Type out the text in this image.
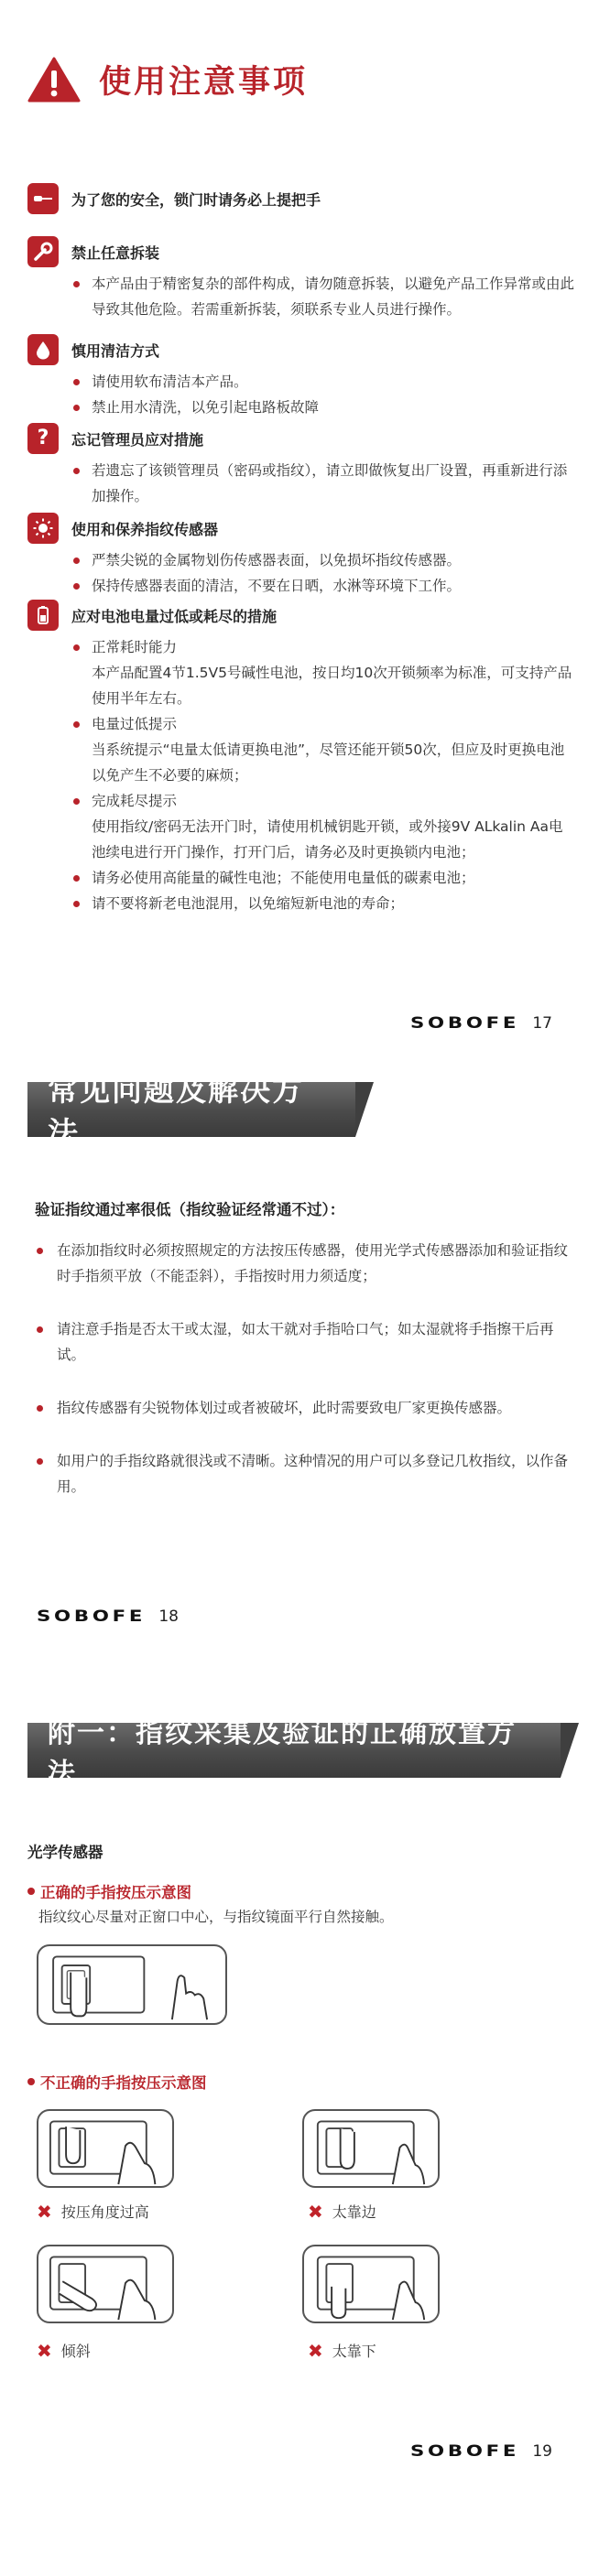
使用注意事项
为了您的安全，锁门时请务必上提把手
禁止任意拆装
本产品由于精密复杂的部件构成，请勿随意拆装，以避免产品工作异常或由此导致其他危险。若需重新拆装，须联系专业人员进行操作。
慎用清洁方式
请使用软布清洁本产品。
禁止用水清洗，以免引起电路板故障
? 忘记管理员应对措施
若遗忘了该锁管理员（密码或指纹），请立即做恢复出厂设置，再重新进行添加操作。
使用和保养指纹传感器
严禁尖锐的金属物划伤传感器表面，以免损坏指纹传感器。
保持传感器表面的清洁，不要在日晒，水淋等环境下工作。
应对电池电量过低或耗尽的措施
正常耗时能力
本产品配置4节1.5V5号碱性电池，按日均10次开锁频率为标准，可支持产品使用半年左右。
电量过低提示
当系统提示“电量太低请更换电池”，尽管还能开锁50次，但应及时更换电池以免产生不必要的麻烦；
完成耗尽提示
使用指纹/密码无法开门时，请使用机械钥匙开锁，或外接9V ALkalin Aa电池续电进行开门操作，打开门后，请务必及时更换锁内电池；
请务必使用高能量的碱性电池；不能使用电量低的碳素电池；
请不要将新老电池混用，以免缩短新电池的寿命；
SOBOFE 17
常见问题及解决方法
验证指纹通过率很低（指纹验证经常通不过）：
在添加指纹时必须按照规定的方法按压传感器，使用光学式传感器添加和验证指纹时手指须平放（不能歪斜），手指按时用力须适度；
请注意手指是否太干或太湿，如太干就对手指哈口气；如太湿就将手指擦干后再试。
指纹传感器有尖锐物体划过或者被破坏，此时需要致电厂家更换传感器。
如用户的手指纹路就很浅或不清晰。这种情况的用户可以多登记几枚指纹，以作备用。
SOBOFE 18
附一：指纹采集及验证的正确放置方法
光学传感器
正确的手指按压示意图
指纹纹心尽量对正窗口中心，与指纹镜面平行自然接触。
不正确的手指按压示意图
✖ 按压角度过高	✖ 太靠边
✖ 倾斜	✖ 太靠下
SOBOFE 19
